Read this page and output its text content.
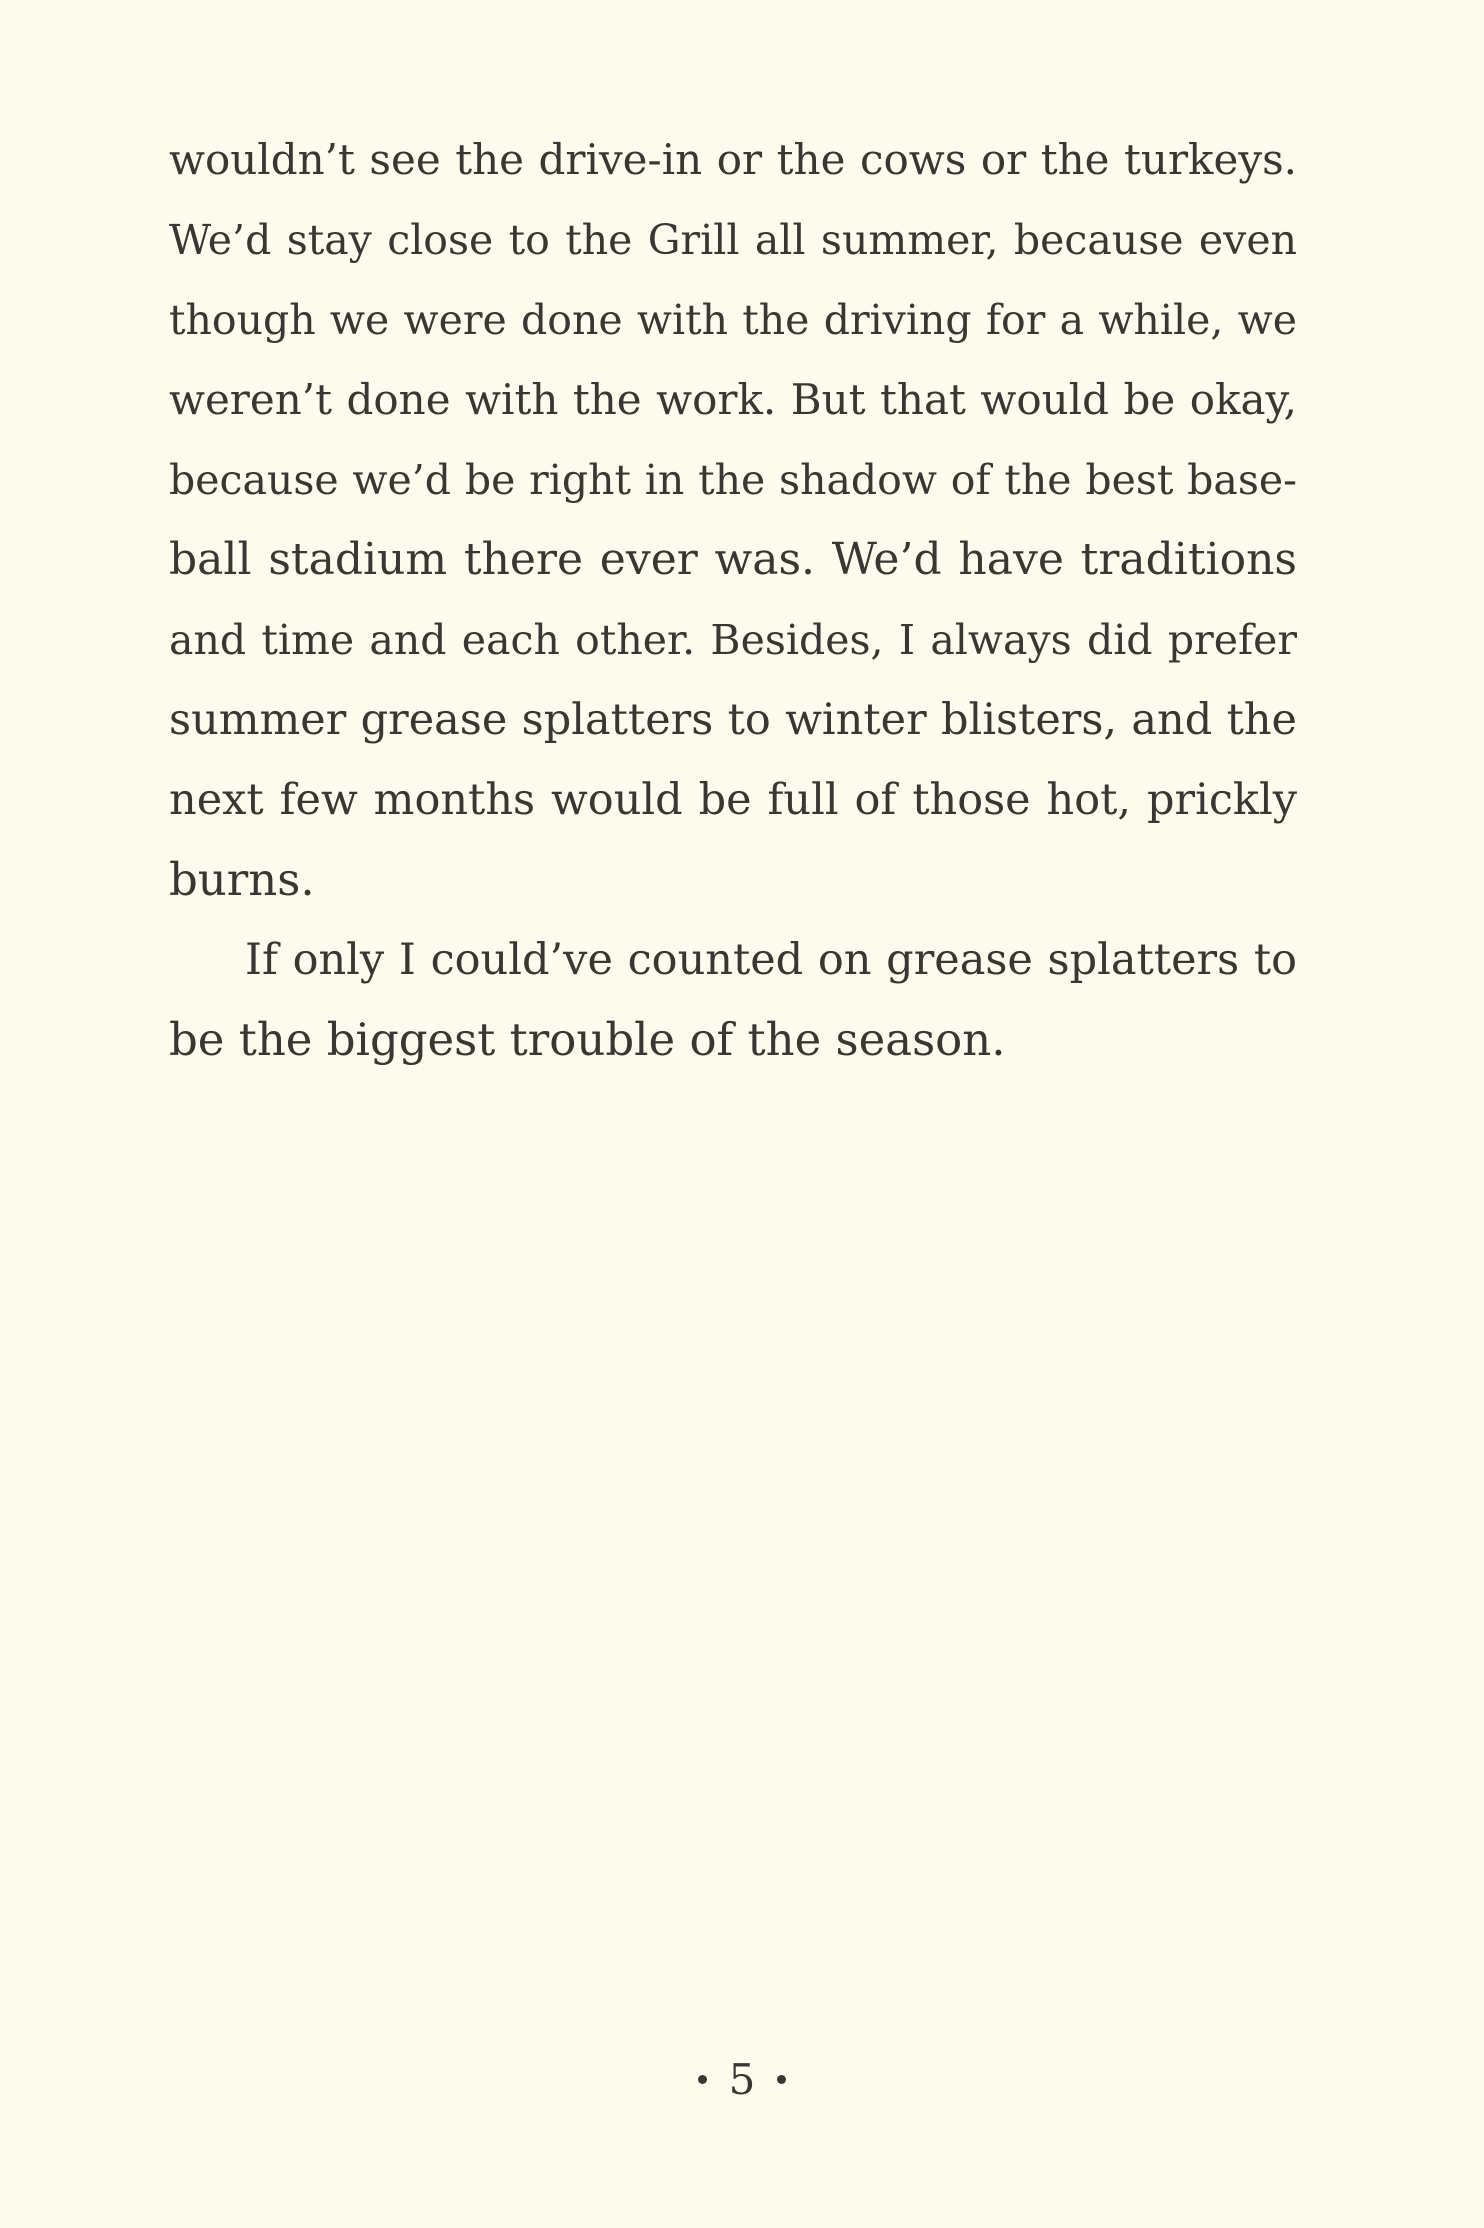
wouldn’t see the drive-in or the cows or the turkeys.
We’d stay close to the Grill all summer, because even
though we were done with the driving for a while, we
weren’t done with the work. But that would be okay,
because we’d be right in the shadow of the best base-
ball stadium there ever was. We’d have traditions
and time and each other. Besides, I always did prefer
summer grease splatters to winter blisters, and the
next few months would be full of those hot, prickly
burns.
If only I could’ve counted on grease splatters to
be the biggest trouble of the season.
5
